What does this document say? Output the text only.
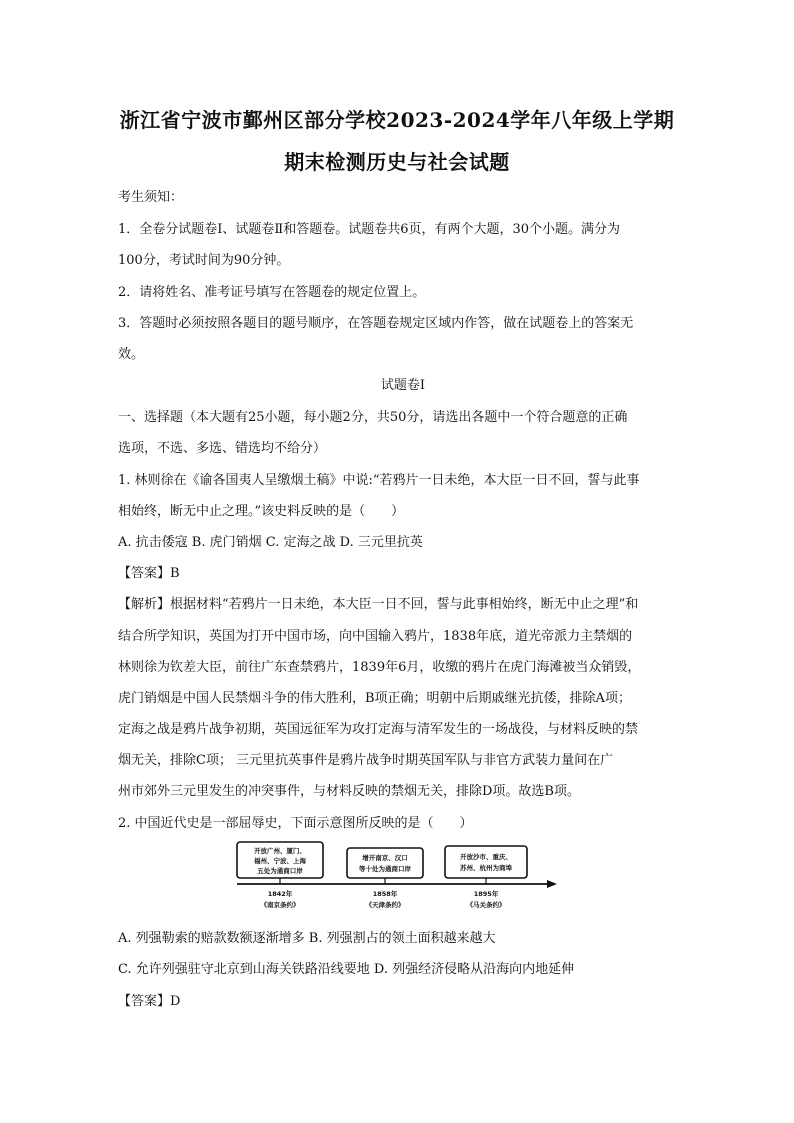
浙江省宁波市鄞州区部分学校2023-2024学年八年级上学期
期末检测历史与社会试题
考生须知：
1．全卷分试题卷Ⅰ、试题卷Ⅱ和答题卷。试题卷共6页，有两个大题，30个小题。满分为
100分，考试时间为90分钟。
2．请将姓名、准考证号填写在答题卷的规定位置上。
3．答题时必须按照各题目的题号顺序，在答题卷规定区域内作答，做在试题卷上的答案无
效。
试题卷Ⅰ
一、选择题（本大题有25小题，每小题2分，共50分，请选出各题中一个符合题意的正确
选项，不选、多选、错选均不给分）
1. 林则徐在《谕各国夷人呈缴烟土稿》中说:“若鸦片一日未绝，本大臣一日不回，誓与此事
相始终，断无中止之理。”该史料反映的是（　　）
A. 抗击倭寇 B. 虎门销烟 C. 定海之战 D. 三元里抗英
【答案】B
【解析】根据材料“若鸦片一日未绝，本大臣一日不回，誓与此事相始终，断无中止之理”和
结合所学知识，英国为打开中国市场，向中国输入鸦片，1838年底，道光帝派力主禁烟的
林则徐为钦差大臣，前往广东查禁鸦片，1839年6月，收缴的鸦片在虎门海滩被当众销毁，
虎门销烟是中国人民禁烟斗争的伟大胜利，B项正确；明朝中后期戚继光抗倭，排除A项；
定海之战是鸦片战争初期，英国远征军为攻打定海与清军发生的一场战役，与材料反映的禁
烟无关，排除C项； 三元里抗英事件是鸦片战争时期英国军队与非官方武装力量间在广
州市郊外三元里发生的冲突事件，与材料反映的禁烟无关，排除D项。故选B项。
2. 中国近代史是一部屈辱史，下面示意图所反映的是（　　）
开放广州、厦门、
福州、宁波、上海
五处为通商口岸
增开南京、汉口
等十处为通商口岸
开放沙市、重庆、
苏州、杭州为商埠
1842年
《南京条约》
1858年
《天津条约》
1895年
《马关条约》
A. 列强勒索的赔款数额逐渐增多 B. 列强割占的领土面积越来越大
C. 允许列强驻守北京到山海关铁路沿线要地 D. 列强经济侵略从沿海向内地延伸
【答案】D
